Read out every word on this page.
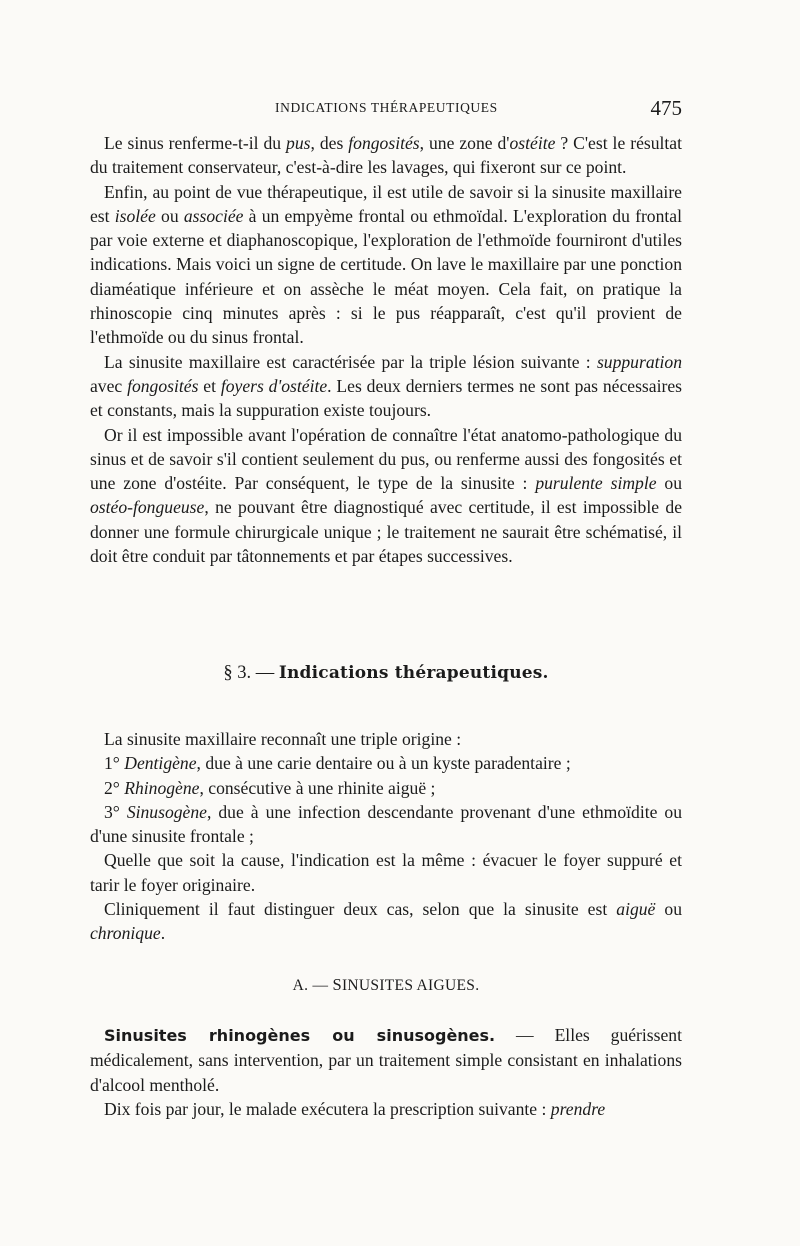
INDICATIONS THÉRAPEUTIQUES	475

Le sinus renferme-t-il du pus, des fongosités, une zone d'ostéite ? C'est le résultat du traitement conservateur, c'est-à-dire les lavages, qui fixeront sur ce point.

Enfin, au point de vue thérapeutique, il est utile de savoir si la sinusite maxillaire est isolée ou associée à un empyème frontal ou ethmoïdal. L'exploration du frontal par voie externe et diaphanoscopique, l'exploration de l'ethmoïde fourniront d'utiles indications. Mais voici un signe de certitude. On lave le maxillaire par une ponction diaméatique inférieure et on assèche le méat moyen. Cela fait, on pratique la rhinoscopie cinq minutes après : si le pus réapparaît, c'est qu'il provient de l'ethmoïde ou du sinus frontal.

La sinusite maxillaire est caractérisée par la triple lésion suivante : suppuration avec fongosités et foyers d'ostéite. Les deux derniers termes ne sont pas nécessaires et constants, mais la suppuration existe toujours.

Or il est impossible avant l'opération de connaître l'état anatomo-pathologique du sinus et de savoir s'il contient seulement du pus, ou renferme aussi des fongosités et une zone d'ostéite. Par conséquent, le type de la sinusite : purulente simple ou ostéo-fongueuse, ne pouvant être diagnostiqué avec certitude, il est impossible de donner une formule chirurgicale unique ; le traitement ne saurait être schématisé, il doit être conduit par tâtonnements et par étapes successives.

§ 3. — Indications thérapeutiques.

La sinusite maxillaire reconnaît une triple origine :

1° Dentigène, due à une carie dentaire ou à un kyste paradentaire ;

2° Rhinogène, consécutive à une rhinite aiguë ;

3° Sinusogène, due à une infection descendante provenant d'une ethmoïdite ou d'une sinusite frontale ;

Quelle que soit la cause, l'indication est la même : évacuer le foyer suppuré et tarir le foyer originaire.

Cliniquement il faut distinguer deux cas, selon que la sinusite est aiguë ou chronique.

A. — SINUSITES AIGUES.

Sinusites rhinogènes ou sinusogènes. — Elles guérissent médicalement, sans intervention, par un traitement simple consistant en inhalations d'alcool mentholé.

Dix fois par jour, le malade exécutera la prescription suivante : prendre
